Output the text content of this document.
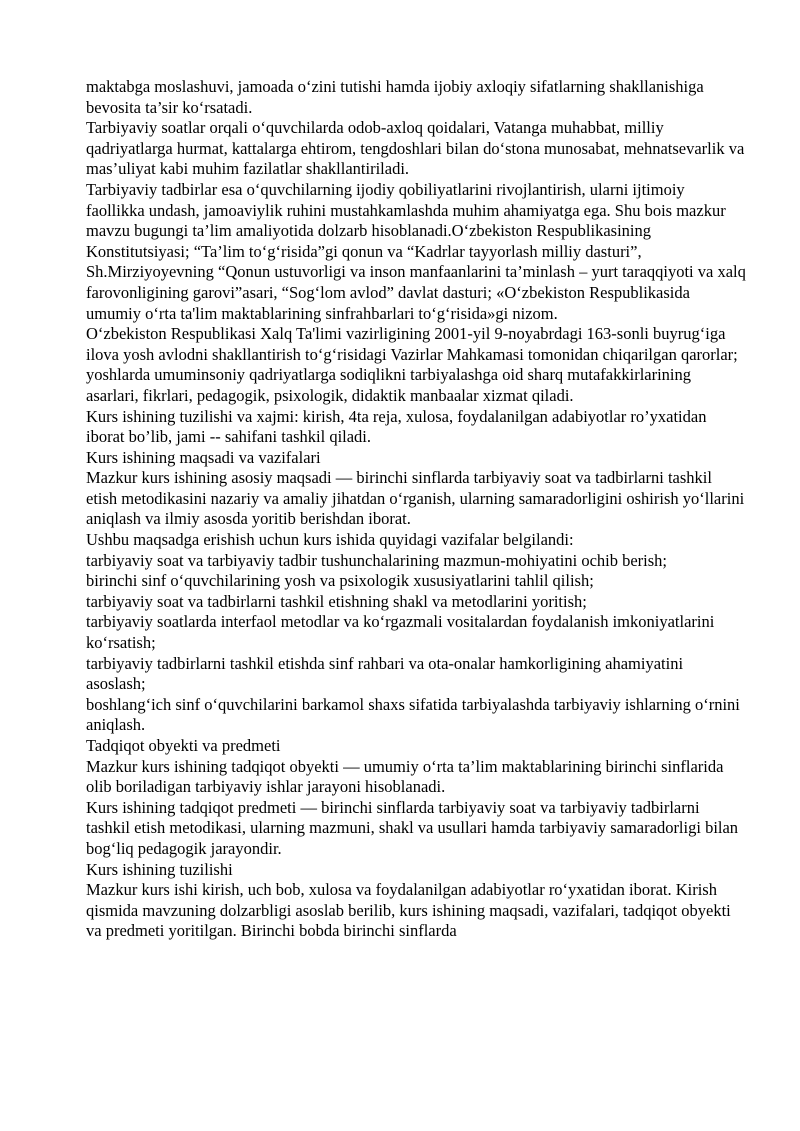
maktabga moslashuvi, jamoada o‘zini tutishi hamda ijobiy axloqiy sifatlarning shakllanishiga bevosita ta’sir ko‘rsatadi.

Tarbiyaviy soatlar orqali o‘quvchilarda odob-axloq qoidalari, Vatanga muhabbat, milliy qadriyatlarga hurmat, kattalarga ehtirom, tengdoshlari bilan do‘stona munosabat, mehnatsevarlik va mas’uliyat kabi muhim fazilatlar shakllantiriladi.

Tarbiyaviy tadbirlar esa o‘quvchilarning ijodiy qobiliyatlarini rivojlantirish, ularni ijtimoiy faollikka undash, jamoaviylik ruhini mustahkamlashda muhim ahamiyatga ega. Shu bois mazkur mavzu bugungi ta’lim amaliyotida dolzarb hisoblanadi.O‘zbekiston Respublikasining Konstitutsiyasi; “Ta’lim to‘g‘risida”gi qonun va “Kadrlar tayyorlash milliy dasturi”, Sh.Mirziyoyevning “Qonun ustuvorligi va inson manfaanlarini ta’minlash – yurt taraqqiyoti va xalq farovonligining garovi”asari, “Sog‘lom avlod” davlat dasturi; «O‘zbekiston Respublikasida umumiy o‘rta ta'lim maktablarining sinfrahbarlari to‘g‘risida»gi nizom.

O‘zbekiston Respublikasi Xalq Ta'limi vazirligining 2001-yil 9-noyabrdagi 163-sonli buyrug‘iga ilova yosh avlodni shakllantirish to‘g‘risidagi Vazirlar Mahkamasi tomonidan chiqarilgan qarorlar; yoshlarda umuminsoniy qadriyatlarga sodiqlikni tarbiyalashga oid sharq mutafakkirlarining asarlari, fikrlari, pedagogik, psixologik, didaktik manbaalar xizmat qiladi.

Kurs ishining tuzilishi va xajmi: kirish, 4ta reja, xulosa, foydalanilgan adabiyotlar ro’yxatidan iborat bo’lib, jami -- sahifani tashkil qiladi.

Kurs ishining maqsadi va vazifalari

Mazkur kurs ishining asosiy maqsadi — birinchi sinflarda tarbiyaviy soat va tadbirlarni tashkil etish metodikasini nazariy va amaliy jihatdan o‘rganish, ularning samaradorligini oshirish yo‘llarini aniqlash va ilmiy asosda yoritib berishdan iborat.

Ushbu maqsadga erishish uchun kurs ishida quyidagi vazifalar belgilandi:

tarbiyaviy soat va tarbiyaviy tadbir tushunchalarining mazmun-mohiyatini ochib berish;

birinchi sinf o‘quvchilarining yosh va psixologik xususiyatlarini tahlil qilish;

tarbiyaviy soat va tadbirlarni tashkil etishning shakl va metodlarini yoritish;

tarbiyaviy soatlarda interfaol metodlar va ko‘rgazmali vositalardan foydalanish imkoniyatlarini ko‘rsatish;

tarbiyaviy tadbirlarni tashkil etishda sinf rahbari va ota-onalar hamkorligining ahamiyatini asoslash;

boshlang‘ich sinf o‘quvchilarini barkamol shaxs sifatida tarbiyalashda tarbiyaviy ishlarning o‘rnini aniqlash.

Tadqiqot obyekti va predmeti

Mazkur kurs ishining tadqiqot obyekti — umumiy o‘rta ta’lim maktablarining birinchi sinflarida olib boriladigan tarbiyaviy ishlar jarayoni hisoblanadi.

Kurs ishining tadqiqot predmeti — birinchi sinflarda tarbiyaviy soat va tarbiyaviy tadbirlarni tashkil etish metodikasi, ularning mazmuni, shakl va usullari hamda tarbiyaviy samaradorligi bilan bog‘liq pedagogik jarayondir.

Kurs ishining tuzilishi

Mazkur kurs ishi kirish, uch bob, xulosa va foydalanilgan adabiyotlar ro‘yxatidan iborat. Kirish qismida mavzuning dolzarbligi asoslab berilib, kurs ishining maqsadi, vazifalari, tadqiqot obyekti va predmeti yoritilgan. Birinchi bobda birinchi sinflarda
